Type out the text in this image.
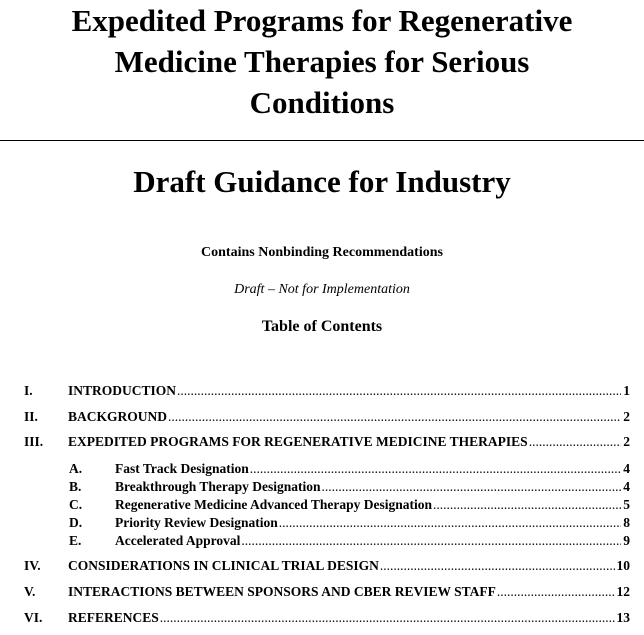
Expedited Programs for Regenerative
Medicine Therapies for Serious
Conditions
Draft Guidance for Industry
Contains Nonbinding Recommendations
Draft – Not for Implementation
Table of Contents
I.	INTRODUCTION .....	1
II.	BACKGROUND .....	2
III.	EXPEDITED PROGRAMS FOR REGENERATIVE MEDICINE THERAPIES .....	2
A.	Fast Track Designation .....	4
B.	Breakthrough Therapy Designation .....	4
C.	Regenerative Medicine Advanced Therapy Designation .....	5
D.	Priority Review Designation .....	8
E.	Accelerated Approval .....	9
IV.	CONSIDERATIONS IN CLINICAL TRIAL DESIGN .....	10
V.	INTERACTIONS BETWEEN SPONSORS AND CBER REVIEW STAFF .....	12
VI.	REFERENCES .....	13
